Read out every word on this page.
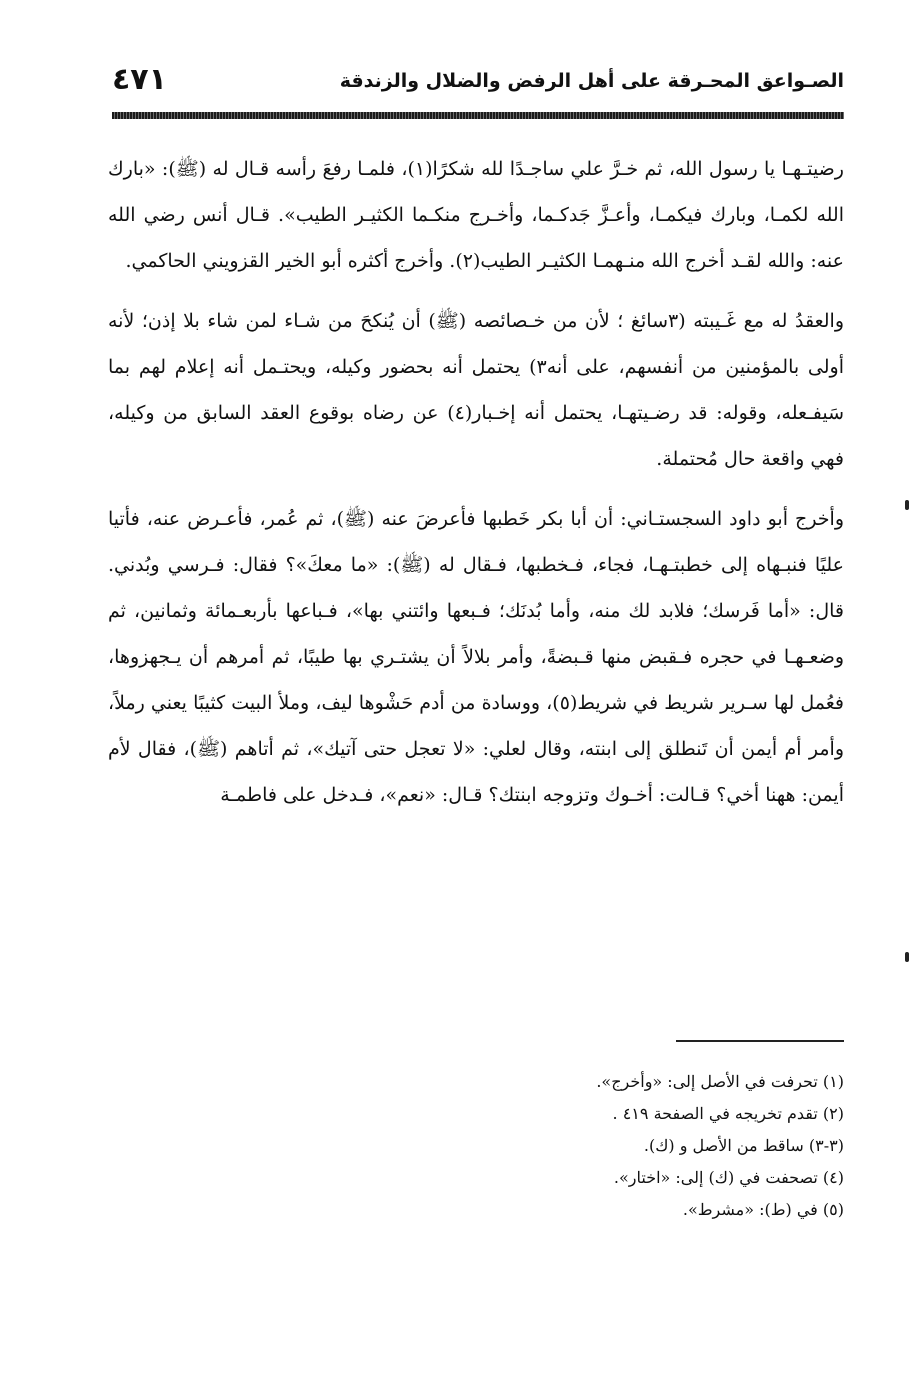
الصـواعق المحـرقة على أهل الرفض والضلال والزندقة
٤٧١

رضيتـهـا يا رسول الله، ثم خـرَّ علي ساجـدًا لله شكرًا(١)، فلمـا رفعَ رأسه قـال له (ﷺ): «بارك الله لكمـا، وبارك فيكمـا، وأعـزَّ جَدكـما، وأخـرج منكـما الكثيـر الطيب». قـال أنس رضي الله عنه: والله لقـد أخرج الله منـهمـا الكثيـر الطيب(٢). وأخرج أكثره أبو الخير القزويني الحاكمي.

والعقدُ له مع غَـيبته (٣سائغ ؛ لأن من خـصائصه (ﷺ) أن يُنكحَ من شـاء لمن شاء بلا إذن؛ لأنه أولى بالمؤمنين من أنفسهم، على أنه٣) يحتمل أنه بحضور وكيله، ويحتـمل أنه إعلام لهم بما سَيفـعله، وقوله: قد رضـيتهـا، يحتمل أنه إخـبار(٤) عن رضاه بوقوع العقد السابق من وكيله، فهي واقعة حال مُحتملة.

وأخرج أبو داود السجستـاني: أن أبا بكر خَطبها فأعرضَ عنه (ﷺ)، ثم عُمر، فأعـرض عنه، فأتيا عليًا فنبـهاه إلى خطبتـهـا، فجاء، فـخطبها، فـقال له (ﷺ): «ما معكَ»؟ فقال: فـرسي وبُدني. قال: «أما فَرسك؛ فلابد لك منه، وأما بُدنَك؛ فـبعها وائتني بها»، فـباعها بأربعـمائة وثمانين، ثم وضعـهـا في حجره فـقبض منها قـبضةً، وأمر بلالاً أن يشتـري بها طيبًا، ثم أمرهم أن يـجهزوها، فعُمل لها سـرير شريط في شريط(٥)، ووسادة من أدم حَشْوها ليف، وملأ البيت كثيبًا يعني رملاً، وأمر أم أيمن أن تَنطلق إلى ابنته، وقال لعلي: «لا تعجل حتى آتيك»، ثم أتاهم (ﷺ)، فقال لأم أيمن: ههنا أخي؟ قـالت: أخـوك وتزوجه ابنتك؟ قـال: «نعم»، فـدخل على فاطمـة

(١) تحرفت في الأصل إلى: «وأخرج».
(٢) تقدم تخريجه في الصفحة ٤١٩ .
(٣-٣) ساقط من الأصل و (ك).
(٤) تصحفت في (ك) إلى: «اختار».
(٥) في (ط): «مشرط».
